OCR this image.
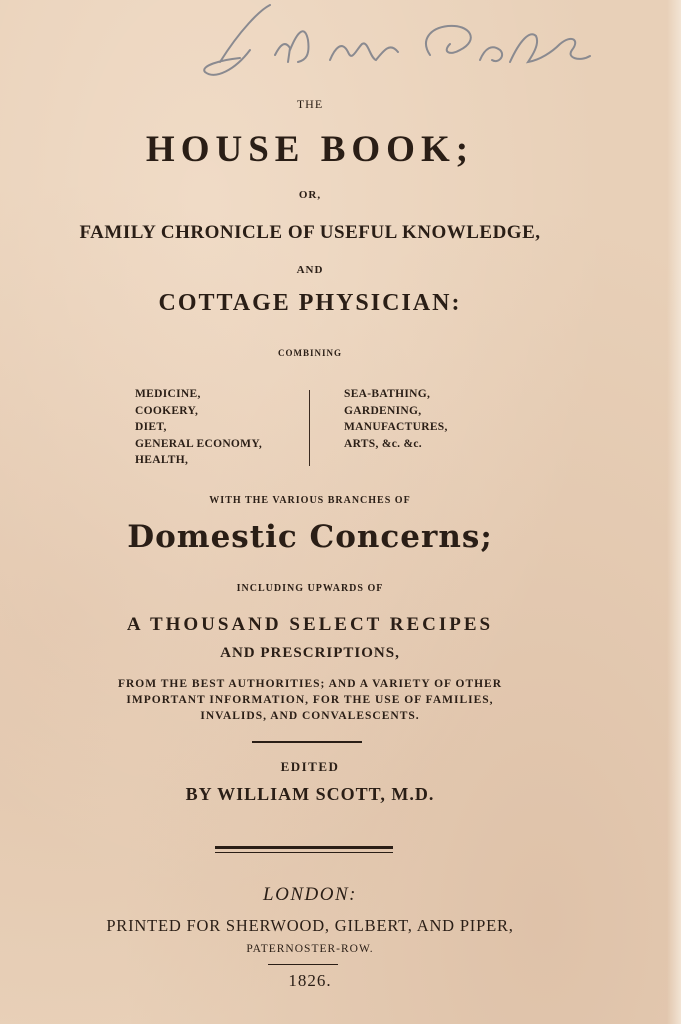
THE
HOUSE BOOK;
OR,
FAMILY CHRONICLE OF USEFUL KNOWLEDGE,
AND
COTTAGE PHYSICIAN:
COMBINING
MEDICINE,
COOKERY,
DIET,
GENERAL ECONOMY,
HEALTH,
SEA-BATHING,
GARDENING,
MANUFACTURES,
ARTS, &c. &c.
WITH THE VARIOUS BRANCHES OF
Domestic Concerns;
INCLUDING UPWARDS OF
A THOUSAND SELECT RECIPES
AND PRESCRIPTIONS,
FROM THE BEST AUTHORITIES; AND A VARIETY OF OTHER
IMPORTANT INFORMATION, FOR THE USE OF FAMILIES,
INVALIDS, AND CONVALESCENTS.
EDITED
BY WILLIAM SCOTT, M.D.
LONDON:
PRINTED FOR SHERWOOD, GILBERT, AND PIPER,
PATERNOSTER-ROW.
1826.
